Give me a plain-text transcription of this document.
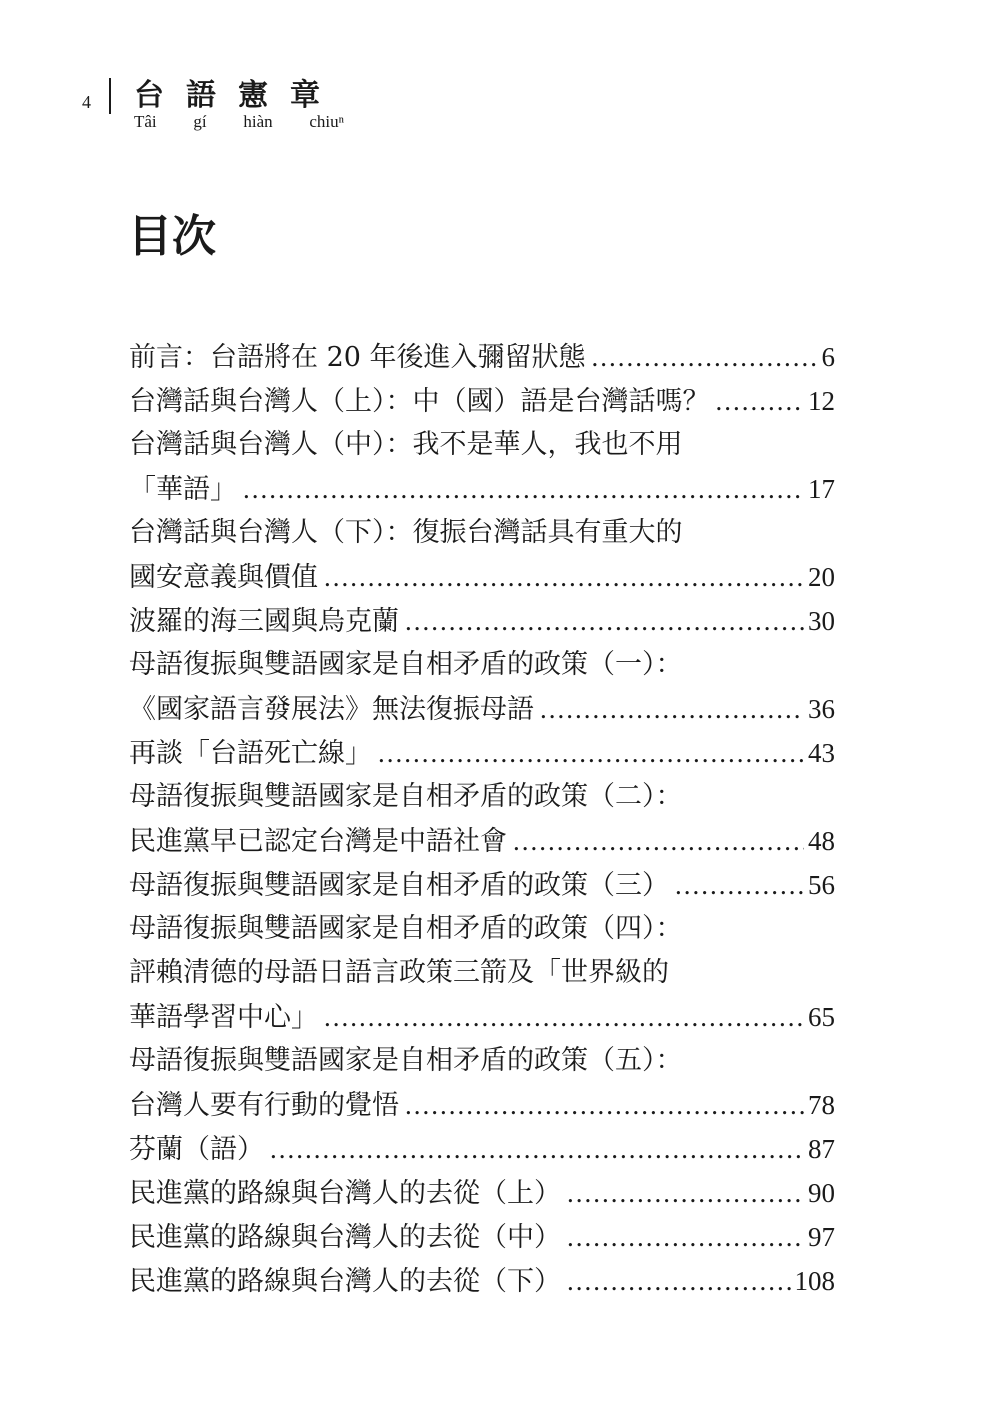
4 台語憲章
Tâi gí hiàn chiuⁿ
目次
前言：台語將在 20 年後進入彌留狀態 .....	6
台灣話與台灣人（上）：中（國）語是台灣話嗎？ .....	12
台灣話與台灣人（中）：我不是華人，我也不用
「華語」 .....	17
台灣話與台灣人（下）：復振台灣話具有重大的
國安意義與價值 .....	20
波羅的海三國與烏克蘭 .....	30
母語復振與雙語國家是自相矛盾的政策（一）：
《國家語言發展法》無法復振母語 .....	36
再談「台語死亡線」 .....	43
母語復振與雙語國家是自相矛盾的政策（二）：
民進黨早已認定台灣是中語社會 .....	48
母語復振與雙語國家是自相矛盾的政策（三） .....	56
母語復振與雙語國家是自相矛盾的政策（四）：
評賴清德的母語日語言政策三箭及「世界級的
華語學習中心」 .....	65
母語復振與雙語國家是自相矛盾的政策（五）：
台灣人要有行動的覺悟 .....	78
芬蘭（語） .....	87
民進黨的路線與台灣人的去從（上） .....	90
民進黨的路線與台灣人的去從（中） .....	97
民進黨的路線與台灣人的去從（下） .....	108
